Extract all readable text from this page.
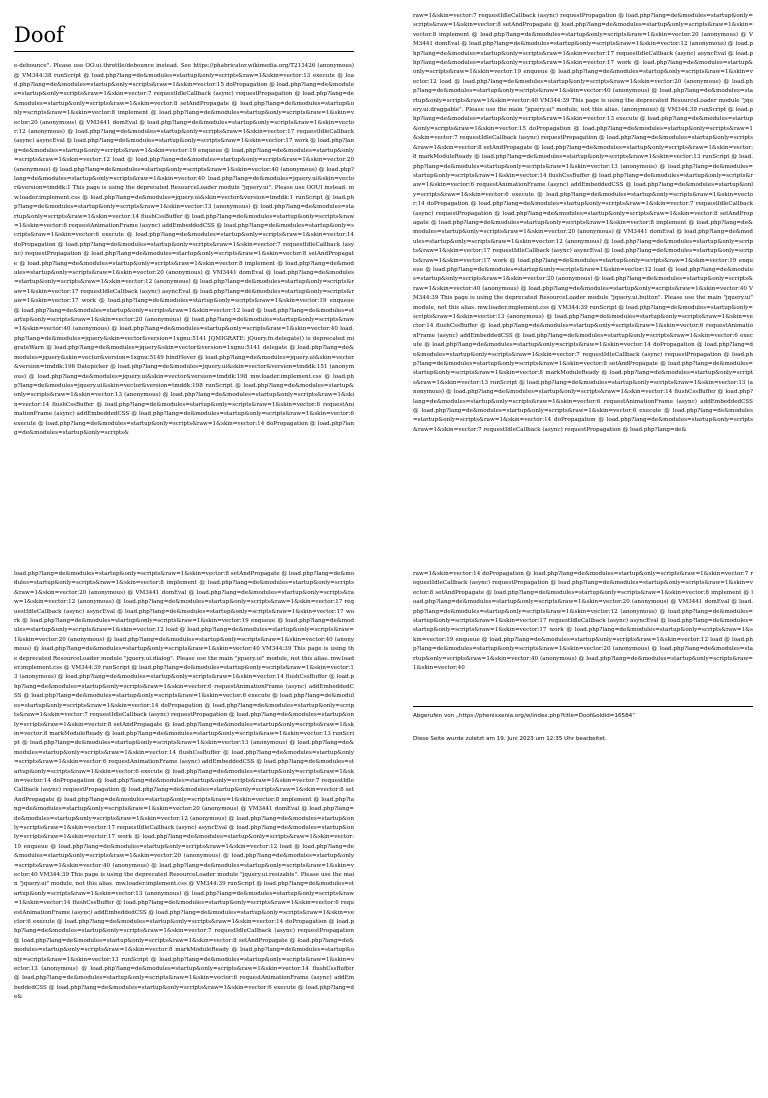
Doof

e-debounce". Please use OO.ui.throttle/debounce instead. See https://phabricator.wikimedia.org/T213426 (anonymous) @ VM344:38 runScript @ load.php?lang=de&modules=startup&only=scripts&raw=1&skin=vector:13 execute @ load.php?lang=de&modules=startup&only=scripts&raw=1&skin=vector:15 doPropagation @ load.php?lang=de&modules=startup&only=scripts&raw=1&skin=vector:7 requestIdleCallback (async) requestPropagation @ load.php?lang=de&modules=startup&only=scripts&raw=1&skin=vector:8 setAndPropagate @ load.php?lang=de&modules=startup&only=scripts&raw=1&skin=vector:8 implement @ load.php?lang=de&modules=startup&only=scripts&raw=1&skin=vector:20 (anonymous) @ VM3441 domEval @ load.php?lang=de&modules=startup&only=scripts&raw=1&skin=vector:12 (anonymous) @ load.php?lang=de&modules=startup&only=scripts&raw=1&skin=vector:17 requestIdleCallback (async) asyncEval @ load.php?lang=de&modules=startup&only=scripts&raw=1&skin=vector:17 work @ load.php?lang=de&modules=startup&only=scripts&raw=1&skin=vector:19 enqueue @ load.php?lang=de&modules=startup&only=scripts&raw=1&skin=vector:12 load @ load.php?lang=de&modules=startup&only=scripts&raw=1&skin=vector:20 (anonymous) @ load.php?lang=de&modules=startup&only=scripts&raw=1&skin=vector:40 (anonymous) @ load.php?lang=de&modules=startup&only=scripts&raw=1&skin=vector:40 load.php?lang=de&modules=jquery.ui&skin=vector&version=tmddk:1 This page is using the deprecated ResourceLoader module "jquery.ui". Please use OOUI instead. mw.loader.implement.css @ load.php?lang=de&modules=jquery.ui&skin=vector&version=tmddk:1 runScript @ load.php?lang=de&modules=startup&only=scripts&raw=1&skin=vector:13 (anonymous) @ load.php?lang=de&modules=startup&only=scripts&raw=1&skin=vector:14 flushCssBuffer @ load.php?lang=de&modules=startup&only=scripts&raw=1&skin=vector:6 requestAnimationFrame (async) addEmbeddedCSS @ load.php?lang=de&modules=startup&only=scripts&raw=1&skin=vector:6 execute @ load.php?lang=de&modules=startup&only=scripts&raw=1&skin=vector:14 doPropagation @ load.php?lang=de&modules=startup&only=scripts&raw=1&skin=vector:7 requestIdleCallback (async) requestPropagation @ load.php?lang=de&modules=startup&only=scripts&raw=1&skin=vector:8 setAndPropagate @ load.php?lang=de&modules=startup&only=scripts&raw=1&skin=vector:8 implement @ load.php?lang=de&modules=startup&only=scripts&raw=1&skin=vector:20 (anonymous) @ VM3441 domEval @ load.php?lang=de&modules=startup&only=scripts&raw=1&skin=vector:12 (anonymous) @ load.php?lang=de&modules=startup&only=scripts&raw=1&skin=vector:17 requestIdleCallback (async) asyncEval @ load.php?lang=de&modules=startup&only=scripts&raw=1&skin=vector:17 work @ load.php?lang=de&modules=startup&only=scripts&raw=1&skin=vector:19 enqueue @ load.php?lang=de&modules=startup&only=scripts&raw=1&skin=vector:12 load @ load.php?lang=de&modules=startup&only=scripts&raw=1&skin=vector:20 (anonymous) @ load.php?lang=de&modules=startup&only=scripts&raw=1&skin=vector:40 (anonymous) @ load.php?lang=de&modules=startup&only=scripts&raw=1&skin=vector:40 load.php?lang=de&modules=jquery&skin=vector&version=1xgnu:5141 JQMIGRATE: jQuery.fn.delegate() is deprecated migrateWarn @ load.php?lang=de&modules=jquery&skin=vector&version=1xgnu:5141 delegate @ load.php?lang=de&modules=jquery&skin=vector&version=1xgnu:5149 bindHover @ load.php?lang=de&modules=jquery.ui&skin=vector&version=tmddk:196 Datepicker @ load.php?lang=de&modules=jquery.ui&skin=vector&version=tmddk:151 (anonymous) @ load.php?lang=de&modules=jquery.ui&skin=vector&version=tmddk:198 mw.loader.implement.css @ load.php?lang=de&modules=jquery.ui&skin=vector&version=tmddk:198 runScript @ load.php?lang=de&modules=startup&only=scripts&raw=1&skin=vector:13 (anonymous) @ load.php?lang=de&modules=startup&only=scripts&raw=1&skin=vector:14 flushCssBuffer @ load.php?lang=de&modules=startup&only=scripts&raw=1&skin=vector:6 requestAnimationFrame (async) addEmbeddedCSS @ load.php?lang=de&modules=startup&only=scripts&raw=1&skin=vector:6 execute @ load.php?lang=de&modules=startup&only=scripts&raw=1&skin=vector:14 doPropagation @ load.php?lang=de&modules=startup&only=scripts&

raw=1&skin=vector:7 requestIdleCallback (async) requestPropagation @ load.php?lang=de&modules=startup&only=scripts&raw=1&skin=vector:8 setAndPropagate @ load.php?lang=de&modules=startup&only=scripts&raw=1&skin=vector:8 implement @ load.php?lang=de&modules=startup&only=scripts&raw=1&skin=vector:20 (anonymous) @ VM3441 domEval @ load.php?lang=de&modules=startup&only=scripts&raw=1&skin=vector:12 (anonymous) @ load.php?lang=de&modules=startup&only=scripts&raw=1&skin=vector:17 requestIdleCallback (async) asyncEval @ load.php?lang=de&modules=startup&only=scripts&raw=1&skin=vector:17 work @ load.php?lang=de&modules=startup&only=scripts&raw=1&skin=vector:19 enqueue @ load.php?lang=de&modules=startup&only=scripts&raw=1&skin=vector:12 load @ load.php?lang=de&modules=startup&only=scripts&raw=1&skin=vector:20 (anonymous) @ load.php?lang=de&modules=startup&only=scripts&raw=1&skin=vector:40 (anonymous) @ load.php?lang=de&modules=startup&only=scripts&raw=1&skin=vector:40 VM344:39 This page is using the deprecated ResourceLoader module "jquery.ui.draggable". Please use the main "jquery.ui" module, not this alias. (anonymous) @ VM344:39 runScript @ load.php?lang=de&modules=startup&only=scripts&raw=1&skin=vector:13 execute @ load.php?lang=de&modules=startup&only=scripts&raw=1&skin=vector:15 doPropagation @ load.php?lang=de&modules=startup&only=scripts&raw=1&skin=vector:7 requestIdleCallback (async) requestPropagation @ load.php?lang=de&modules=startup&only=scripts&raw=1&skin=vector:8 setAndPropagate @ load.php?lang=de&modules=startup&only=scripts&raw=1&skin=vector:8 markModuleReady @ load.php?lang=de&modules=startup&only=scripts&raw=1&skin=vector:13 runScript @ load.php?lang=de&modules=startup&only=scripts&raw=1&skin=vector:13 (anonymous) @ load.php?lang=de&modules=startup&only=scripts&raw=1&skin=vector:14 flushCssBuffer @ load.php?lang=de&modules=startup&only=scripts&raw=1&skin=vector:6 requestAnimationFrame (async) addEmbeddedCSS @ load.php?lang=de&modules=startup&only=scripts&raw=1&skin=vector:6 execute @ load.php?lang=de&modules=startup&only=scripts&raw=1&skin=vector:14 doPropagation @ load.php?lang=de&modules=startup&only=scripts&raw=1&skin=vector:7 requestIdleCallback (async) requestPropagation @ load.php?lang=de&modules=startup&only=scripts&raw=1&skin=vector:8 setAndPropagate @ load.php?lang=de&modules=startup&only=scripts&raw=1&skin=vector:8 implement @ load.php?lang=de&modules=startup&only=scripts&raw=1&skin=vector:20 (anonymous) @ VM3441 domEval @ load.php?lang=de&modules=startup&only=scripts&raw=1&skin=vector:12 (anonymous) @ load.php?lang=de&modules=startup&only=scripts&raw=1&skin=vector:17 requestIdleCallback (async) asyncEval @ load.php?lang=de&modules=startup&only=scripts&raw=1&skin=vector:17 work @ load.php?lang=de&modules=startup&only=scripts&raw=1&skin=vector:19 enqueue @ load.php?lang=de&modules=startup&only=scripts&raw=1&skin=vector:12 load @ load.php?lang=de&modules=startup&only=scripts&raw=1&skin=vector:20 (anonymous) @ load.php?lang=de&modules=startup&only=scripts&raw=1&skin=vector:40 (anonymous) @ load.php?lang=de&modules=startup&only=scripts&raw=1&skin=vector:40 VM344:39 This page is using the deprecated ResourceLoader module "jquery.ui.button". Please use the main "jquery.ui" module, not this alias. mw.loader.implement.css @ VM344:39 runScript @ load.php?lang=de&modules=startup&only=scripts&raw=1&skin=vector:13 (anonymous) @ load.php?lang=de&modules=startup&only=scripts&raw=1&skin=vector:14 flushCssBuffer @ load.php?lang=de&modules=startup&only=scripts&raw=1&skin=vector:6 requestAnimationFrame (async) addEmbeddedCSS @ load.php?lang=de&modules=startup&only=scripts&raw=1&skin=vector:6 execute @ load.php?lang=de&modules=startup&only=scripts&raw=1&skin=vector:14 doPropagation @ load.php?lang=de&modules=startup&only=scripts&raw=1&skin=vector:7 requestIdleCallback (async) requestPropagation @ load.php?lang=de&modules=startup&only=scripts&raw=1&skin=vector:8 setAndPropagate @ load.php?lang=de&modules=startup&only=scripts&raw=1&skin=vector:8 markModuleReady @ load.php?lang=de&modules=startup&only=scripts&raw=1&skin=vector:13 runScript @ load.php?lang=de&modules=startup&only=scripts&raw=1&skin=vector:13 (anonymous) @ load.php?lang=de&modules=startup&only=scripts&raw=1&skin=vector:14 flushCssBuffer @ load.php?lang=de&modules=startup&only=scripts&raw=1&skin=vector:6 requestAnimationFrame (async) addEmbeddedCSS @ load.php?lang=de&modules=startup&only=scripts&raw=1&skin=vector:6 execute @ load.php?lang=de&modules=startup&only=scripts&raw=1&skin=vector:14 doPropagation @ load.php?lang=de&modules=startup&only=scripts&raw=1&skin=vector:7 requestIdleCallback (async) requestPropagation @ load.php?lang=de&

load.php?lang=de&modules=startup&only=scripts&raw=1&skin=vector:8 setAndPropagate @ load.php?lang=de&modules=startup&only=scripts&raw=1&skin=vector:8 implement @ load.php?lang=de&modules=startup&only=scripts&raw=1&skin=vector:20 (anonymous) @ VM3441 domEval @ load.php?lang=de&modules=startup&only=scripts&raw=1&skin=vector:12 (anonymous) @ load.php?lang=de&modules=startup&only=scripts&raw=1&skin=vector:17 requestIdleCallback (async) asyncEval @ load.php?lang=de&modules=startup&only=scripts&raw=1&skin=vector:17 work @ load.php?lang=de&modules=startup&only=scripts&raw=1&skin=vector:19 enqueue @ load.php?lang=de&modules=startup&only=scripts&raw=1&skin=vector:12 load @ load.php?lang=de&modules=startup&only=scripts&raw=1&skin=vector:20 (anonymous) @ load.php?lang=de&modules=startup&only=scripts&raw=1&skin=vector:40 (anonymous) @ load.php?lang=de&modules=startup&only=scripts&raw=1&skin=vector:40 VM344:39 This page is using the deprecated ResourceLoader module "jquery.ui.dialog". Please use the main "jquery.ui" module, not this alias. mw.loader.implement.css @ VM344:39 runScript @ load.php?lang=de&modules=startup&only=scripts&raw=1&skin=vector:13 (anonymous) @ load.php?lang=de&modules=startup&only=scripts&raw=1&skin=vector:14 flushCssBuffer @ load.php?lang=de&modules=startup&only=scripts&raw=1&skin=vector:6 requestAnimationFrame (async) addEmbeddedCSS @ load.php?lang=de&modules=startup&only=scripts&raw=1&skin=vector:6 execute @ load.php?lang=de&modules=startup&only=scripts&raw=1&skin=vector:14 doPropagation @ load.php?lang=de&modules=startup&only=scripts&raw=1&skin=vector:7 requestIdleCallback (async) requestPropagation @ load.php?lang=de&modules=startup&only=scripts&raw=1&skin=vector:8 setAndPropagate @ load.php?lang=de&modules=startup&only=scripts&raw=1&skin=vector:8 markModuleReady @ load.php?lang=de&modules=startup&only=scripts&raw=1&skin=vector:13 runScript @ load.php?lang=de&modules=startup&only=scripts&raw=1&skin=vector:13 (anonymous) @ load.php?lang=de&modules=startup&only=scripts&raw=1&skin=vector:14 flushCssBuffer @ load.php?lang=de&modules=startup&only=scripts&raw=1&skin=vector:6 requestAnimationFrame (async) addEmbeddedCSS @ load.php?lang=de&modules=startup&only=scripts&raw=1&skin=vector:6 execute @ load.php?lang=de&modules=startup&only=scripts&raw=1&skin=vector:14 doPropagation @ load.php?lang=de&modules=startup&only=scripts&raw=1&skin=vector:7 requestIdleCallback (async) requestPropagation @ load.php?lang=de&modules=startup&only=scripts&raw=1&skin=vector:8 setAndPropagate @ load.php?lang=de&modules=startup&only=scripts&raw=1&skin=vector:8 implement @ load.php?lang=de&modules=startup&only=scripts&raw=1&skin=vector:20 (anonymous) @ VM3441 domEval @ load.php?lang=de&modules=startup&only=scripts&raw=1&skin=vector:12 (anonymous) @ load.php?lang=de&modules=startup&only=scripts&raw=1&skin=vector:17 requestIdleCallback (async) asyncEval @ load.php?lang=de&modules=startup&only=scripts&raw=1&skin=vector:17 work @ load.php?lang=de&modules=startup&only=scripts&raw=1&skin=vector:19 enqueue @ load.php?lang=de&modules=startup&only=scripts&raw=1&skin=vector:12 load @ load.php?lang=de&modules=startup&only=scripts&raw=1&skin=vector:20 (anonymous) @ load.php?lang=de&modules=startup&only=scripts&raw=1&skin=vector:40 (anonymous) @ load.php?lang=de&modules=startup&only=scripts&raw=1&skin=vector:40 VM344:39 This page is using the deprecated ResourceLoader module "jquery.ui.resizable". Please use the main "jquery.ui" module, not this alias. mw.loader.implement.css @ VM344:39 runScript @ load.php?lang=de&modules=startup&only=scripts&raw=1&skin=vector:13 (anonymous) @ load.php?lang=de&modules=startup&only=scripts&raw=1&skin=vector:14 flushCssBuffer @ load.php?lang=de&modules=startup&only=scripts&raw=1&skin=vector:6 requestAnimationFrame (async) addEmbeddedCSS @ load.php?lang=de&modules=startup&only=scripts&raw=1&skin=vector:6 execute @ load.php?lang=de&modules=startup&only=scripts&raw=1&skin=vector:14 doPropagation @ load.php?lang=de&modules=startup&only=scripts&raw=1&skin=vector:7 requestIdleCallback (async) requestPropagation @ load.php?lang=de&modules=startup&only=scripts&raw=1&skin=vector:8 setAndPropagate @ load.php?lang=de&modules=startup&only=scripts&raw=1&skin=vector:8 markModuleReady @ load.php?lang=de&modules=startup&only=scripts&raw=1&skin=vector:13 runScript @ load.php?lang=de&modules=startup&only=scripts&raw=1&skin=vector:13 (anonymous) @ load.php?lang=de&modules=startup&only=scripts&raw=1&skin=vector:14 flushCssBuffer @ load.php?lang=de&modules=startup&only=scripts&raw=1&skin=vector:6 requestAnimationFrame (async) addEmbeddedCSS @ load.php?lang=de&modules=startup&only=scripts&raw=1&skin=vector:6 execute @ load.php?lang=de&

raw=1&skin=vector:14 doPropagation @ load.php?lang=de&modules=startup&only=scripts&raw=1&skin=vector:7 requestIdleCallback (async) requestPropagation @ load.php?lang=de&modules=startup&only=scripts&raw=1&skin=vector:8 setAndPropagate @ load.php?lang=de&modules=startup&only=scripts&raw=1&skin=vector:8 implement @ load.php?lang=de&modules=startup&only=scripts&raw=1&skin=vector:20 (anonymous) @ VM3441 domEval @ load.php?lang=de&modules=startup&only=scripts&raw=1&skin=vector:12 (anonymous) @ load.php?lang=de&modules=startup&only=scripts&raw=1&skin=vector:17 requestIdleCallback (async) asyncEval @ load.php?lang=de&modules=startup&only=scripts&raw=1&skin=vector:17 work @ load.php?lang=de&modules=startup&only=scripts&raw=1&skin=vector:19 enqueue @ load.php?lang=de&modules=startup&only=scripts&raw=1&skin=vector:12 load @ load.php?lang=de&modules=startup&only=scripts&raw=1&skin=vector:20 (anonymous) @ load.php?lang=de&modules=startup&only=scripts&raw=1&skin=vector:40 (anonymous) @ load.php?lang=de&modules=startup&only=scripts&raw=1&skin=vector:40

Abgerufen von „https://phenixxenia.org/w/index.php?title=Doof&oldid=16584“

Diese Seite wurde zuletzt am 19. Juni 2023 um 12:35 Uhr bearbeitet.
